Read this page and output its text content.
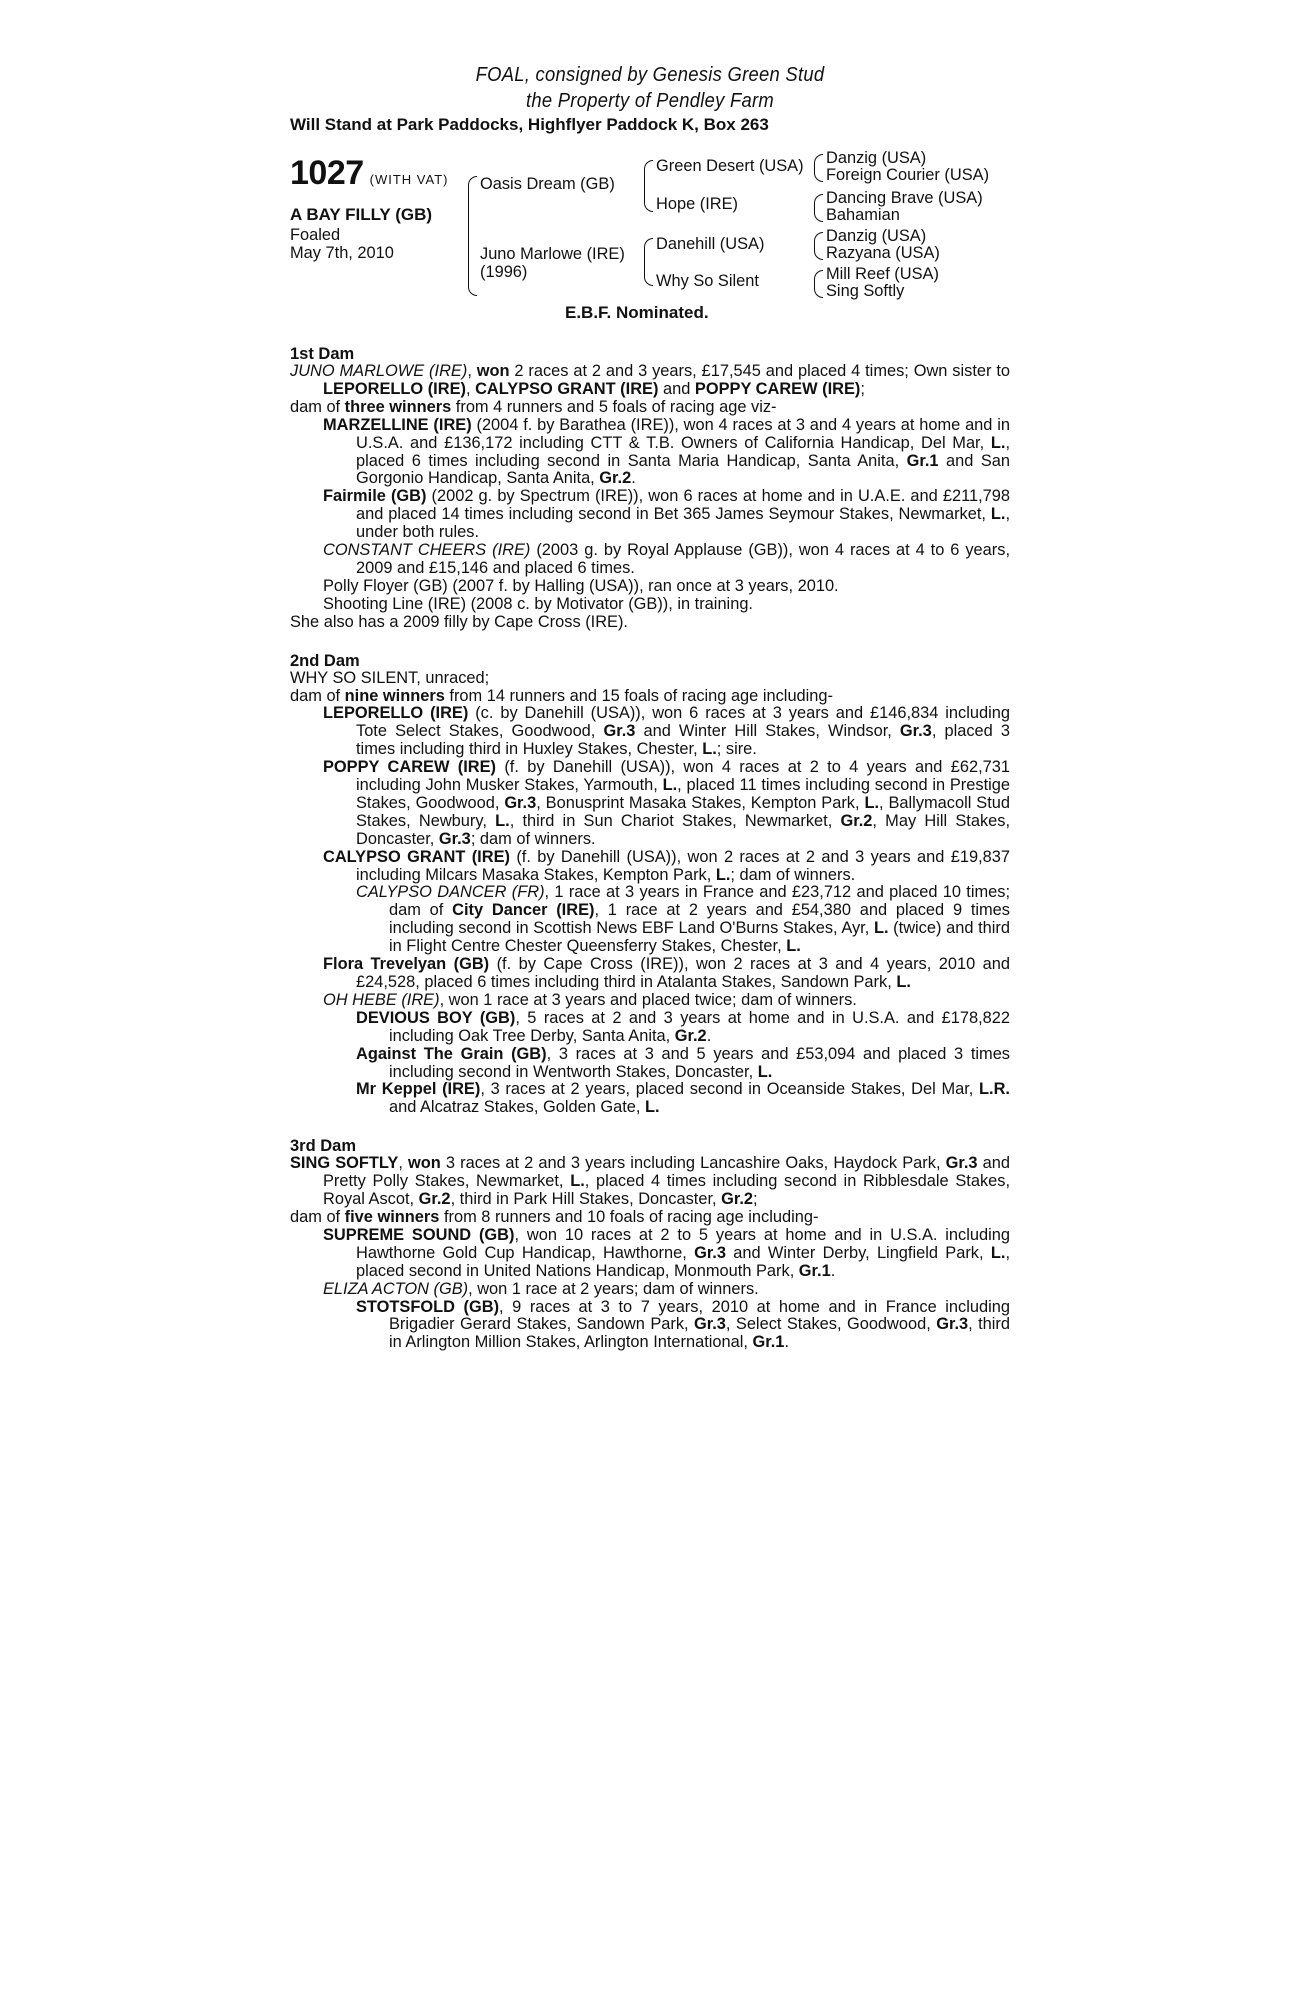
FOAL, consigned by Genesis Green Stud
the Property of Pendley Farm
Will Stand at Park Paddocks, Highflyer Paddock K, Box 263
1027 (WITH VAT)
A BAY FILLY (GB)
Foaled
May 7th, 2010
Oasis Dream (GB)
Juno Marlowe (IRE)
(1996)
Green Desert (USA)
Hope (IRE)
Danehill (USA)
Why So Silent
Danzig (USA)
Foreign Courier (USA)
Dancing Brave (USA)
Bahamian
Danzig (USA)
Razyana (USA)
Mill Reef (USA)
Sing Softly
E.B.F. Nominated.
1st Dam
JUNO MARLOWE (IRE), won 2 races at 2 and 3 years, £17,545 and placed 4 times; Own sister to LEPORELLO (IRE), CALYPSO GRANT (IRE) and POPPY CAREW (IRE);
dam of three winners from 4 runners and 5 foals of racing age viz-
MARZELLINE (IRE) (2004 f. by Barathea (IRE)), won 4 races at 3 and 4 years at home and in U.S.A. and £136,172 including CTT & T.B. Owners of California Handicap, Del Mar, L., placed 6 times including second in Santa Maria Handicap, Santa Anita, Gr.1 and San Gorgonio Handicap, Santa Anita, Gr.2.
Fairmile (GB) (2002 g. by Spectrum (IRE)), won 6 races at home and in U.A.E. and £211,798 and placed 14 times including second in Bet 365 James Seymour Stakes, Newmarket, L., under both rules.
CONSTANT CHEERS (IRE) (2003 g. by Royal Applause (GB)), won 4 races at 4 to 6 years, 2009 and £15,146 and placed 6 times.
Polly Floyer (GB) (2007 f. by Halling (USA)), ran once at 3 years, 2010.
Shooting Line (IRE) (2008 c. by Motivator (GB)), in training.
She also has a 2009 filly by Cape Cross (IRE).
2nd Dam
WHY SO SILENT, unraced;
dam of nine winners from 14 runners and 15 foals of racing age including-
LEPORELLO (IRE) (c. by Danehill (USA)), won 6 races at 3 years and £146,834 including Tote Select Stakes, Goodwood, Gr.3 and Winter Hill Stakes, Windsor, Gr.3, placed 3 times including third in Huxley Stakes, Chester, L.; sire.
POPPY CAREW (IRE) (f. by Danehill (USA)), won 4 races at 2 to 4 years and £62,731 including John Musker Stakes, Yarmouth, L., placed 11 times including second in Prestige Stakes, Goodwood, Gr.3, Bonusprint Masaka Stakes, Kempton Park, L., Ballymacoll Stud Stakes, Newbury, L., third in Sun Chariot Stakes, Newmarket, Gr.2, May Hill Stakes, Doncaster, Gr.3; dam of winners.
CALYPSO GRANT (IRE) (f. by Danehill (USA)), won 2 races at 2 and 3 years and £19,837 including Milcars Masaka Stakes, Kempton Park, L.; dam of winners.
CALYPSO DANCER (FR), 1 race at 3 years in France and £23,712 and placed 10 times; dam of City Dancer (IRE), 1 race at 2 years and £54,380 and placed 9 times including second in Scottish News EBF Land O'Burns Stakes, Ayr, L. (twice) and third in Flight Centre Chester Queensferry Stakes, Chester, L.
Flora Trevelyan (GB) (f. by Cape Cross (IRE)), won 2 races at 3 and 4 years, 2010 and £24,528, placed 6 times including third in Atalanta Stakes, Sandown Park, L.
OH HEBE (IRE), won 1 race at 3 years and placed twice; dam of winners.
DEVIOUS BOY (GB), 5 races at 2 and 3 years at home and in U.S.A. and £178,822 including Oak Tree Derby, Santa Anita, Gr.2.
Against The Grain (GB), 3 races at 3 and 5 years and £53,094 and placed 3 times including second in Wentworth Stakes, Doncaster, L.
Mr Keppel (IRE), 3 races at 2 years, placed second in Oceanside Stakes, Del Mar, L.R. and Alcatraz Stakes, Golden Gate, L.
3rd Dam
SING SOFTLY, won 3 races at 2 and 3 years including Lancashire Oaks, Haydock Park, Gr.3 and Pretty Polly Stakes, Newmarket, L., placed 4 times including second in Ribblesdale Stakes, Royal Ascot, Gr.2, third in Park Hill Stakes, Doncaster, Gr.2;
dam of five winners from 8 runners and 10 foals of racing age including-
SUPREME SOUND (GB), won 10 races at 2 to 5 years at home and in U.S.A. including Hawthorne Gold Cup Handicap, Hawthorne, Gr.3 and Winter Derby, Lingfield Park, L., placed second in United Nations Handicap, Monmouth Park, Gr.1.
ELIZA ACTON (GB), won 1 race at 2 years; dam of winners.
STOTSFOLD (GB), 9 races at 3 to 7 years, 2010 at home and in France including Brigadier Gerard Stakes, Sandown Park, Gr.3, Select Stakes, Goodwood, Gr.3, third in Arlington Million Stakes, Arlington International, Gr.1.
